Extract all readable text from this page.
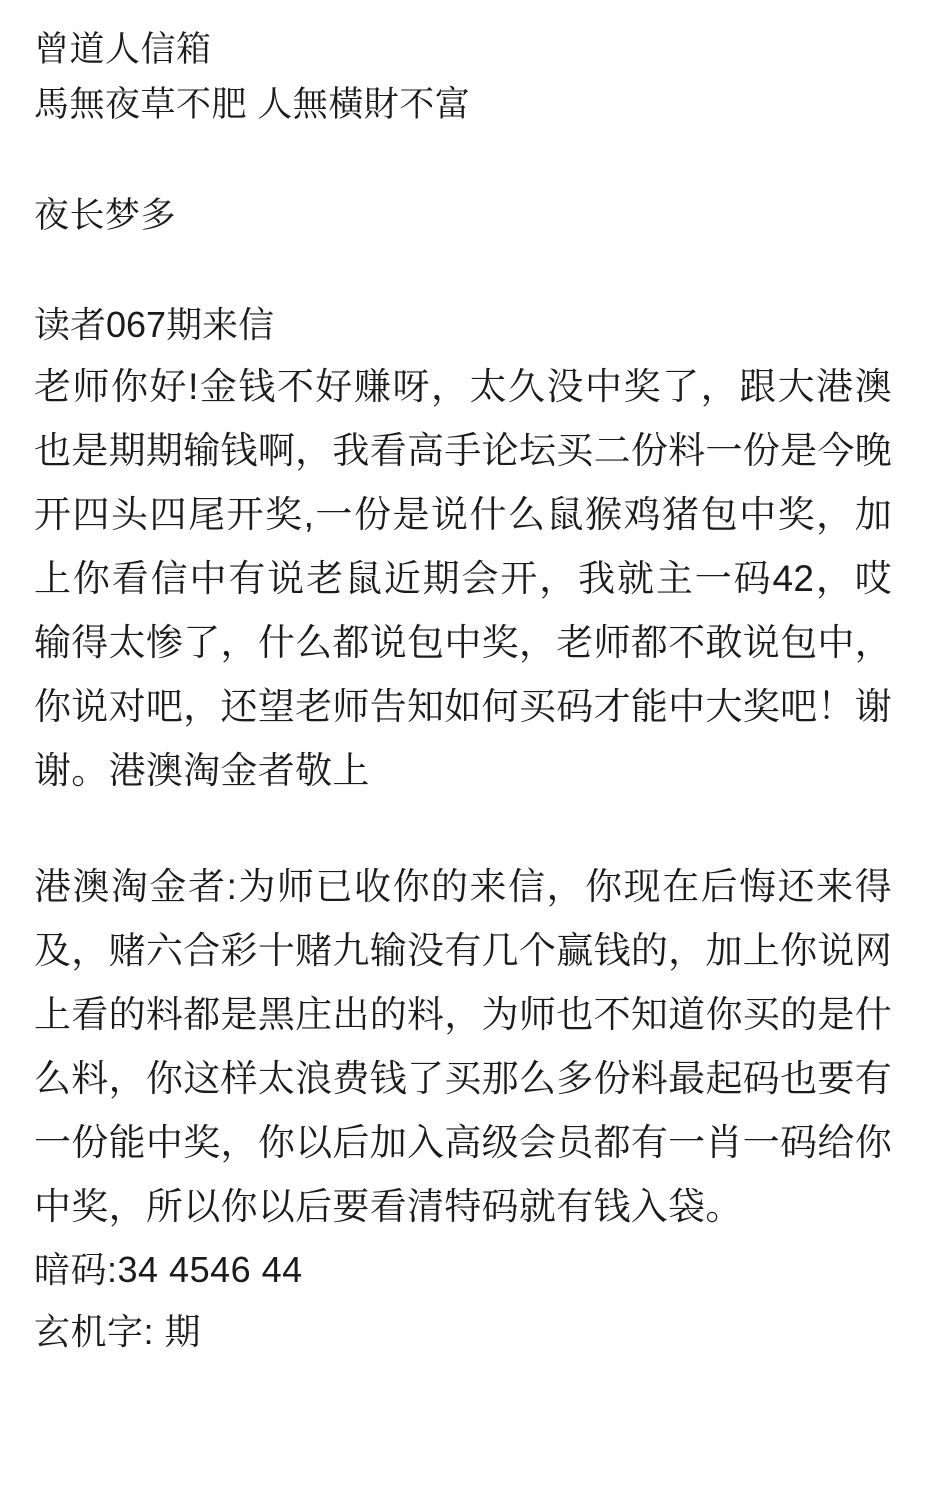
曾道人信箱
馬無夜草不肥 人無橫財不富
夜长梦多
读者067期来信
老师你好!金钱不好赚呀，太久没中奖了，跟大港澳也是期期输钱啊，我看高手论坛买二份料一份是今晚开四头四尾开奖,一份是说什么鼠猴鸡猪包中奖，加上你看信中有说老鼠近期会开，我就主一码42，哎输得太惨了，什么都说包中奖，老师都不敢说包中，你说对吧，还望老师告知如何买码才能中大奖吧！谢谢。港澳淘金者敬上
港澳淘金者:为师已收你的来信，你现在后悔还来得及，赌六合彩十赌九输没有几个赢钱的，加上你说网上看的料都是黑庄出的料，为师也不知道你买的是什么料，你这样太浪费钱了买那么多份料最起码也要有一份能中奖，你以后加入高级会员都有一肖一码给你中奖，所以你以后要看清特码就有钱入袋。
暗码:34 4546 44
玄机字: 期
